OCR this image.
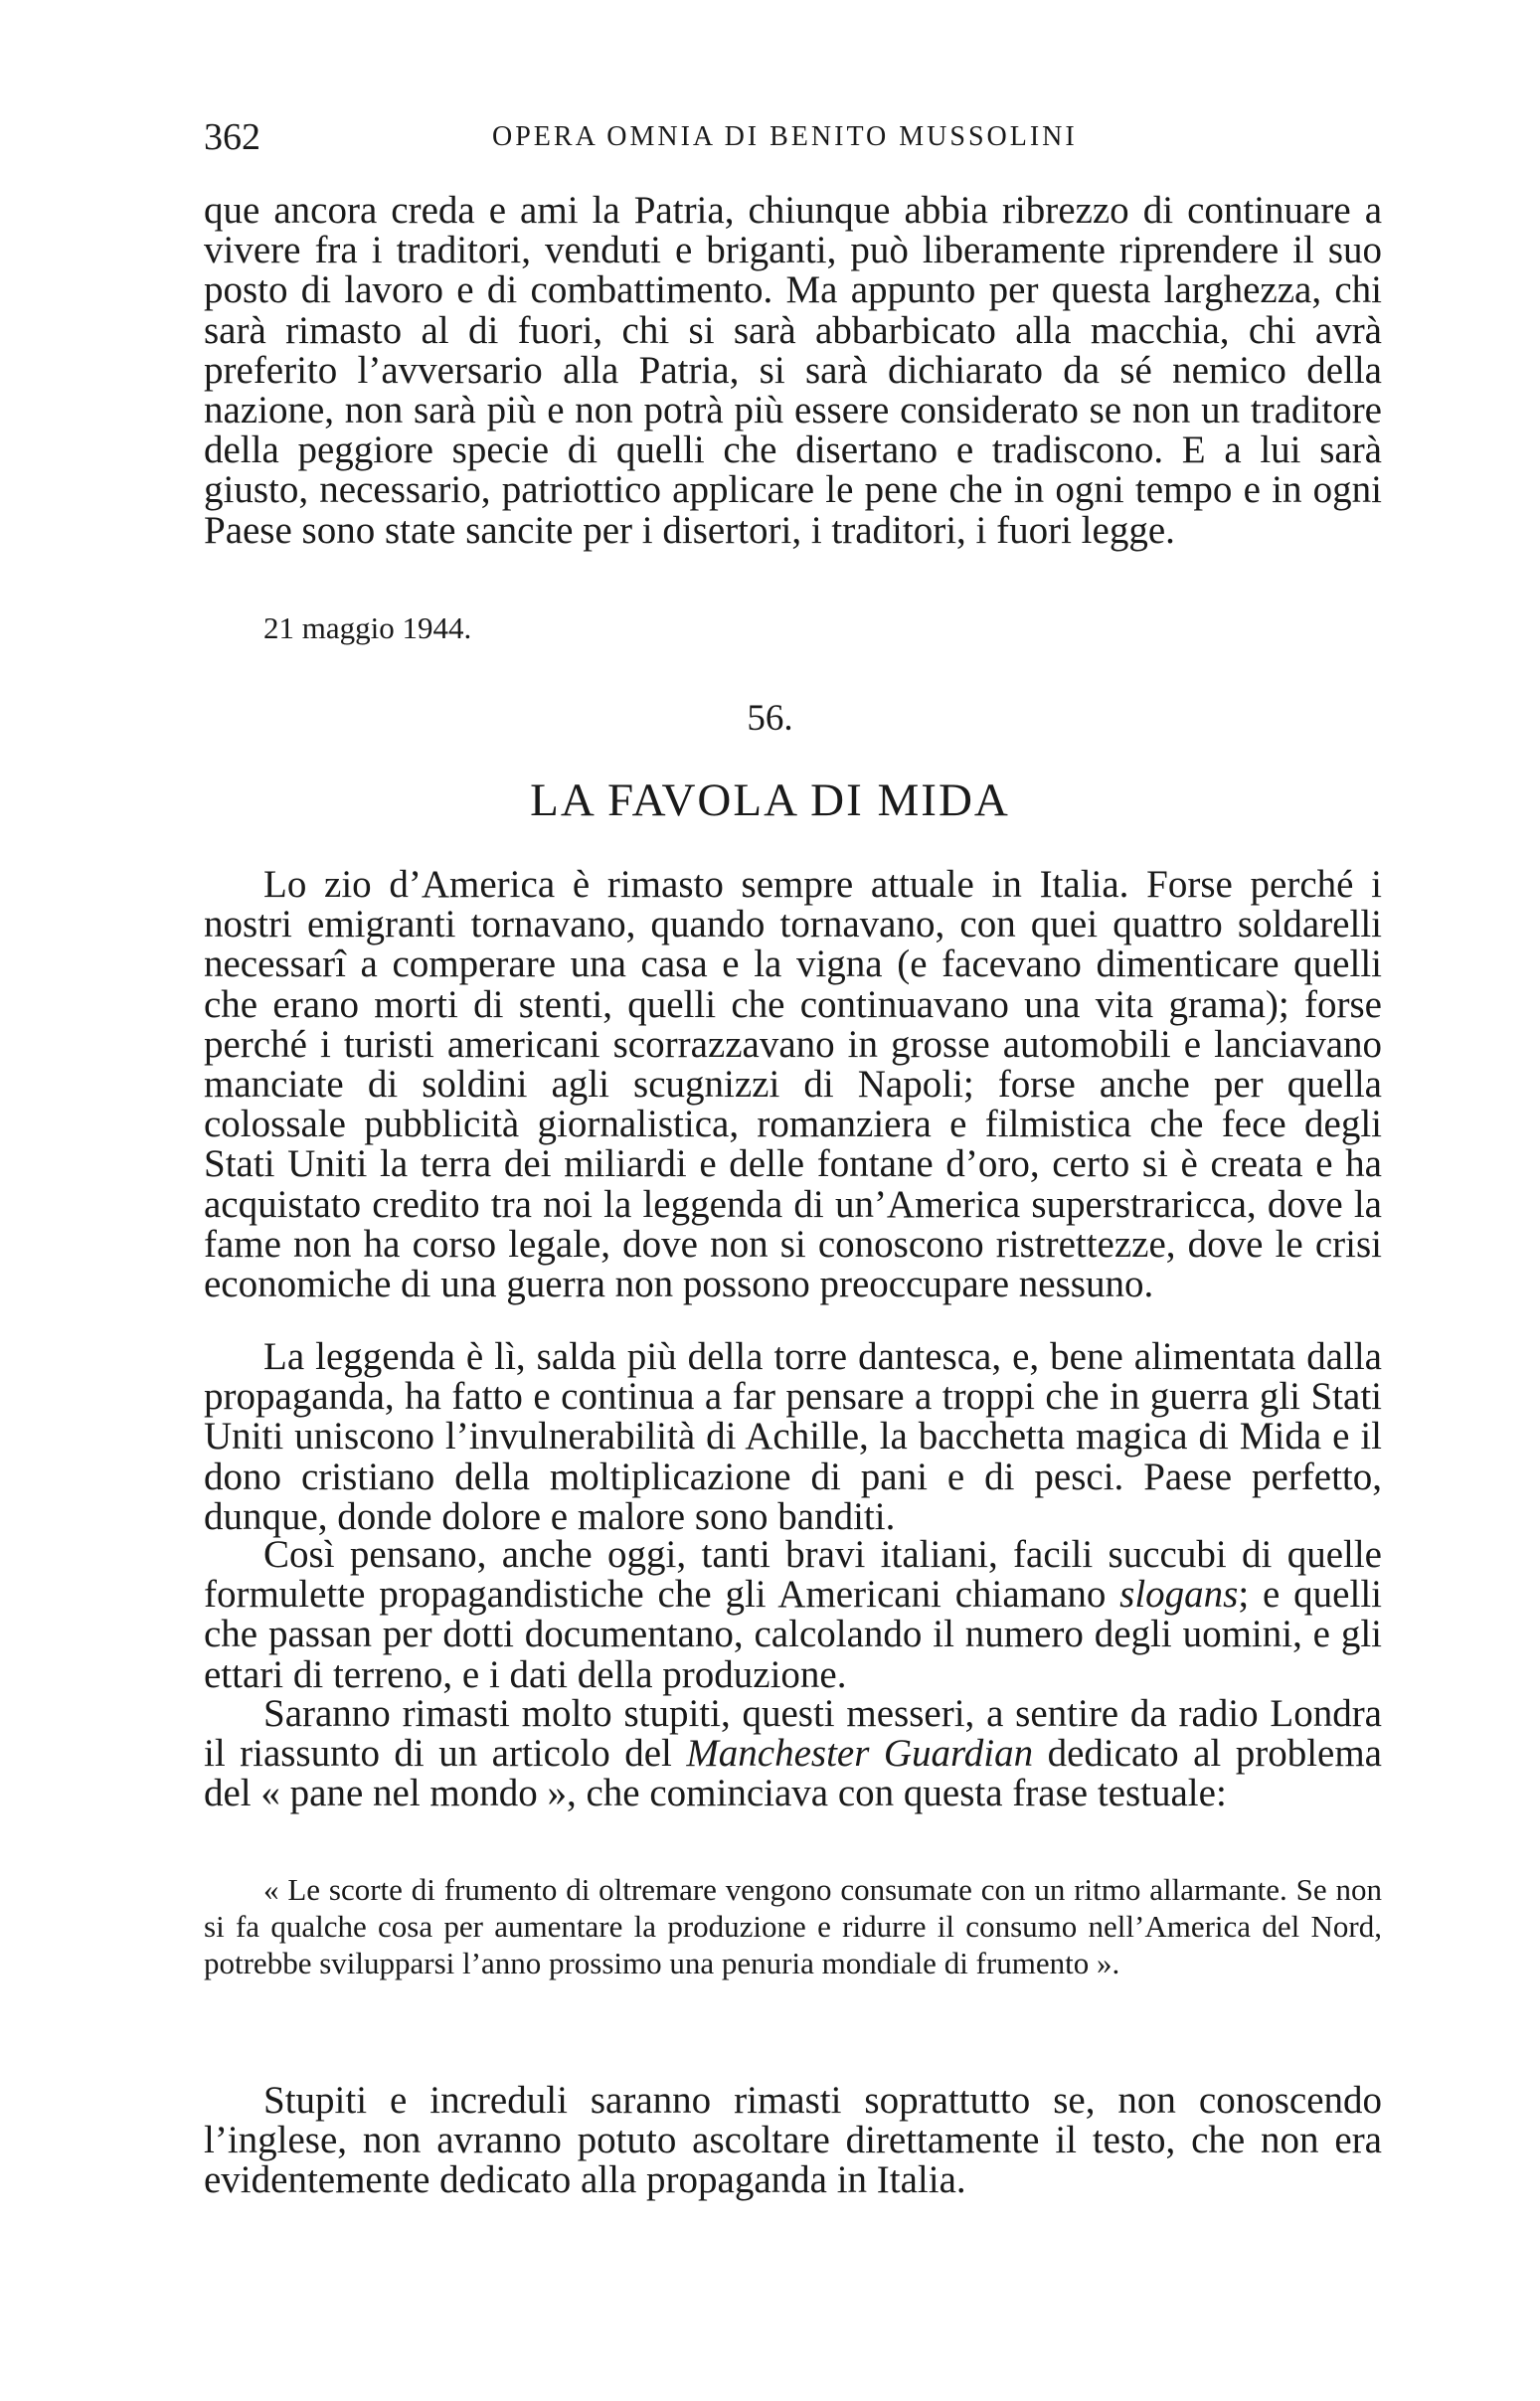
362	OPERA OMNIA DI BENITO MUSSOLINI

que ancora creda e ami la Patria, chiunque abbia ribrezzo di continuare a vivere fra i traditori, venduti e briganti, può liberamente riprendere il suo posto di lavoro e di combattimento. Ma appunto per questa larghezza, chi sarà rimasto al di fuori, chi si sarà abbarbicato alla macchia, chi avrà preferito l’avversario alla Patria, si sarà dichiarato da sé nemico della nazione, non sarà più e non potrà più essere considerato se non un traditore della peggiore specie di quelli che disertano e tradiscono. E a lui sarà giusto, necessario, patriottico applicare le pene che in ogni tempo e in ogni Paese sono state sancite per i disertori, i traditori, i fuori legge.

21 maggio 1944.

56.

LA FAVOLA DI MIDA

Lo zio d’America è rimasto sempre attuale in Italia. Forse perché i nostri emigranti tornavano, quando tornavano, con quei quattro soldarelli necessarî a comperare una casa e la vigna (e facevano dimenticare quelli che erano morti di stenti, quelli che continuavano una vita grama); forse perché i turisti americani scorrazzavano in grosse automobili e lanciavano manciate di soldini agli scugnizzi di Napoli; forse anche per quella colossale pubblicità giornalistica, romanziera e filmistica che fece degli Stati Uniti la terra dei miliardi e delle fontane d’oro, certo si è creata e ha acquistato credito tra noi la leggenda di un’America superstraricca, dove la fame non ha corso legale, dove non si conoscono ristrettezze, dove le crisi economiche di una guerra non possono preoccupare nessuno.

La leggenda è lì, salda più della torre dantesca, e, bene alimentata dalla propaganda, ha fatto e continua a far pensare a troppi che in guerra gli Stati Uniti uniscono l’invulnerabilità di Achille, la bacchetta magica di Mida e il dono cristiano della moltiplicazione di pani e di pesci. Paese perfetto, dunque, donde dolore e malore sono banditi.

Così pensano, anche oggi, tanti bravi italiani, facili succubi di quelle formulette propagandistiche che gli Americani chiamano slogans; e quelli che passan per dotti documentano, calcolando il numero degli uomini, e gli ettari di terreno, e i dati della produzione.

Saranno rimasti molto stupiti, questi messeri, a sentire da radio Londra il riassunto di un articolo del Manchester Guardian dedicato al problema del « pane nel mondo », che cominciava con questa frase testuale:

« Le scorte di frumento di oltremare vengono consumate con un ritmo allarmante. Se non si fa qualche cosa per aumentare la produzione e ridurre il consumo nell’America del Nord, potrebbe svilupparsi l’anno prossimo una penuria mondiale di frumento ».

Stupiti e increduli saranno rimasti soprattutto se, non conoscendo l’inglese, non avranno potuto ascoltare direttamente il testo, che non era evidentemente dedicato alla propaganda in Italia.
